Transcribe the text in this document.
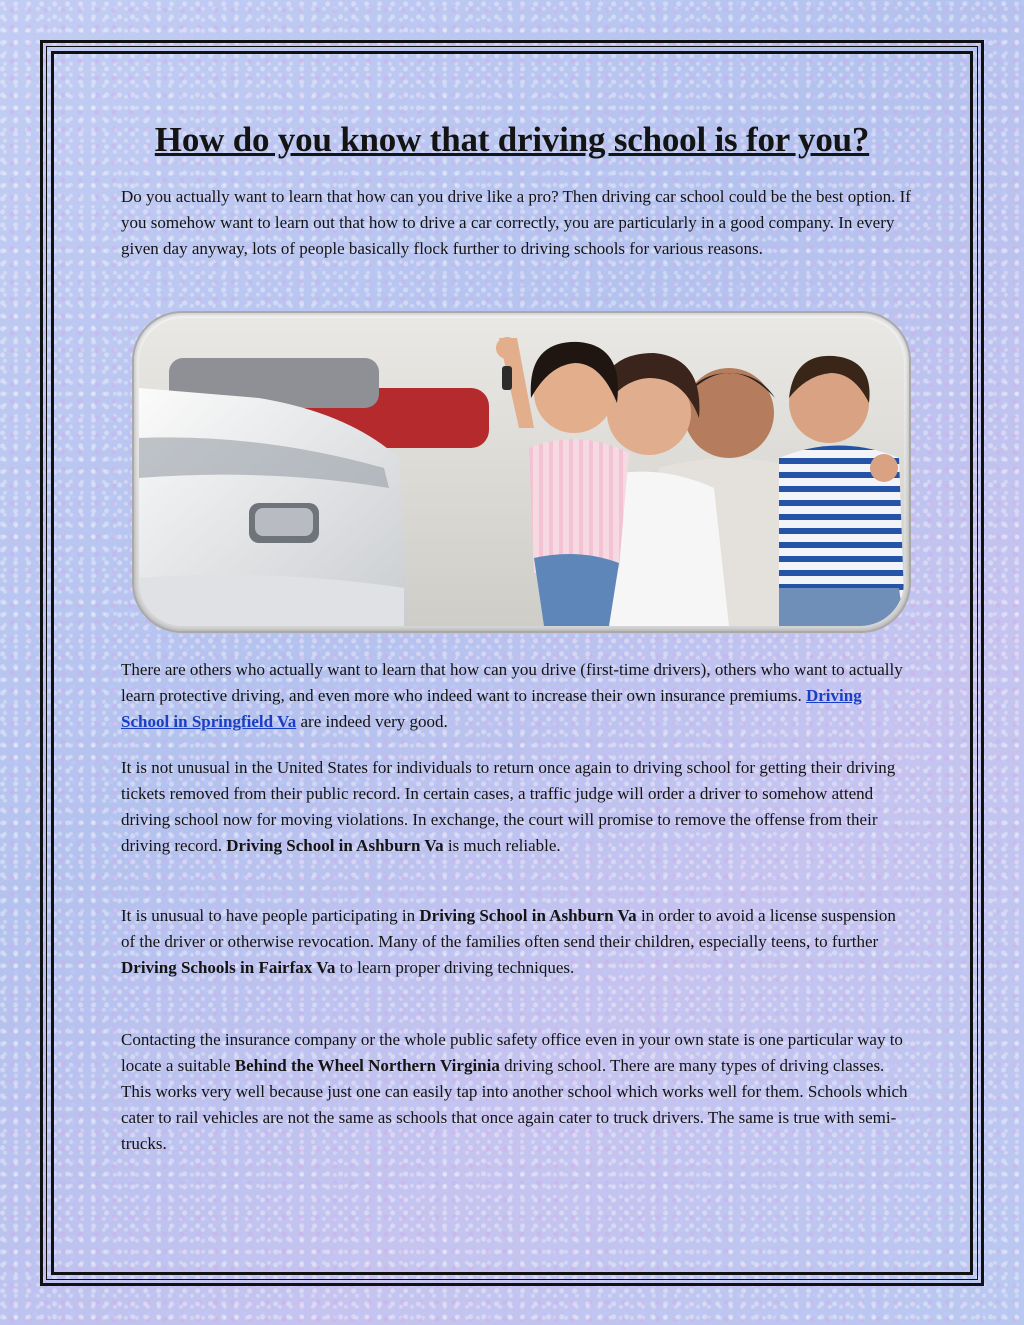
How do you know that driving school is for you?

Do you actually want to learn that how can you drive like a pro? Then driving car school could be the best option. If you somehow want to learn out that how to drive a car correctly, you are particularly in a good company. In every given day anyway, lots of people basically flock further to driving schools for various reasons.

There are others who actually want to learn that how can you drive (first-time drivers), others who want to actually learn protective driving, and even more who indeed want to increase their own insurance premiums. Driving School in Springfield Va are indeed very good.

It is not unusual in the United States for individuals to return once again to driving school for getting their driving tickets removed from their public record. In certain cases, a traffic judge will order a driver to somehow attend driving school now for moving violations. In exchange, the court will promise to remove the offense from their driving record. Driving School in Ashburn Va is much reliable.

It is unusual to have people participating in Driving School in Ashburn Va in order to avoid a license suspension of the driver or otherwise revocation. Many of the families often send their children, especially teens, to further Driving Schools in Fairfax Va to learn proper driving techniques.

Contacting the insurance company or the whole public safety office even in your own state is one particular way to locate a suitable Behind the Wheel Northern Virginia driving school. There are many types of driving classes. This works very well because just one can easily tap into another school which works well for them. Schools which cater to rail vehicles are not the same as schools that once again cater to truck drivers. The same is true with semi-trucks.
